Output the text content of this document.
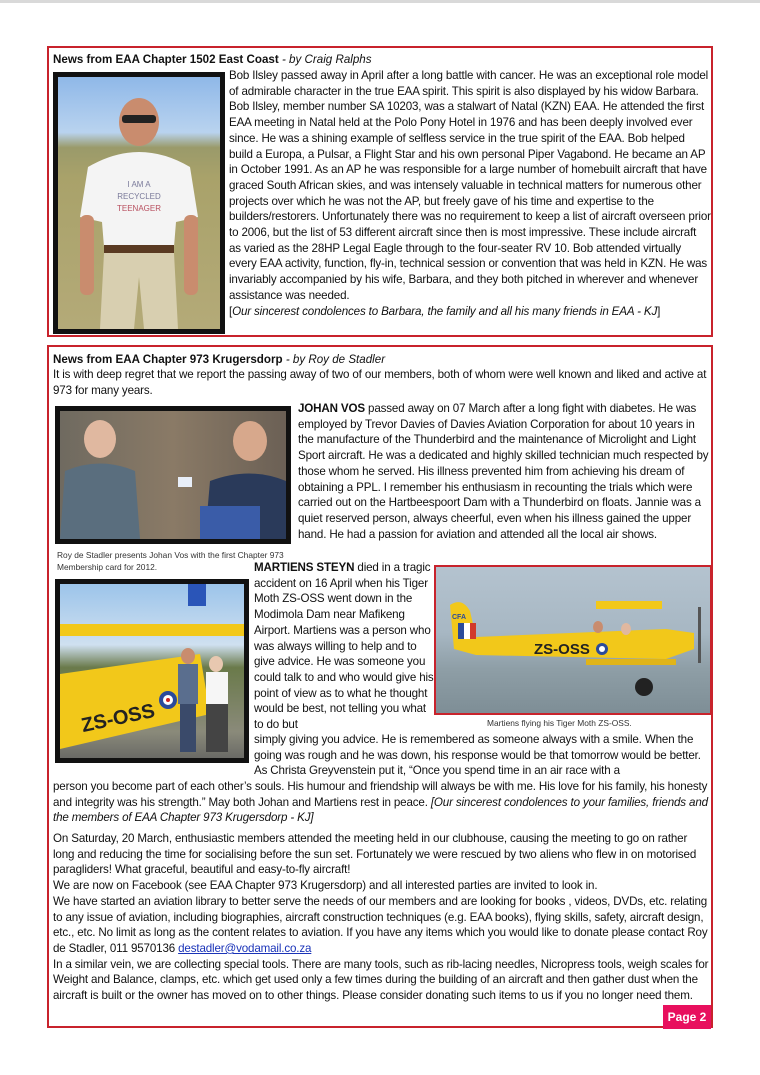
News from EAA Chapter 1502 East Coast - by Craig Ralphs
I AM A
RECYCLED
TEENAGER
Bob Ilsley passed away in April after a long battle with cancer. He was an exceptional role model of admirable character in the true EAA spirit. This spirit is also displayed by his widow Barbara. Bob Ilsley, member number SA 10203, was a stalwart of Natal (KZN) EAA. He attended the first EAA meeting in Natal held at the Polo Pony Hotel in 1976 and has been deeply involved ever since. He was a shining example of selfless service in the true spirit of the EAA. Bob helped build a Europa, a Pulsar, a Flight Star and his own personal Piper Vagabond. He became an AP in October 1991. As an AP he was responsible for a large number of homebuilt aircraft that have graced South African skies, and was intensely valuable in technical matters for numerous other projects over which he was not the AP, but freely gave of his time and expertise to the builders/restorers. Unfortunately there was no requirement to keep a list of aircraft overseen prior to 2006, but the list of 53 different aircraft since then is most impressive. These include aircraft as varied as the 28HP Legal Eagle through to the four-seater RV 10. Bob attended virtually every EAA activity, function, fly-in, technical session or convention that was held in KZN. He was invariably accompanied by his wife, Barbara, and they both pitched in wherever and whenever assistance was needed.
[Our sincerest condolences to Barbara, the family and all his many friends in EAA - KJ]
News from EAA Chapter 973 Krugersdorp - by Roy de Stadler
It is with deep regret that we report the passing away of two of our members, both of whom were well known and liked and active at 973 for many years.
Roy de Stadler presents Johan Vos with the first Chapter 973 Membership card for 2012.
JOHAN VOS passed away on 07 March after a long fight with diabetes. He was employed by Trevor Davies of Davies Aviation Corporation for about 10 years in the manufacture of the Thunderbird and the maintenance of Microlight and Light Sport aircraft. He was a dedicated and highly skilled technician much respected by those whom he served. His illness prevented him from achieving his dream of obtaining a PPL. I remember his enthusiasm in recounting the trials which were carried out on the Hartbeespoort Dam with a Thunderbird on floats. Jannie was a quiet reserved person, always cheerful, even when his illness gained the upper hand. He had a passion for aviation and attended all the local air shows.
ZS-OSS
MARTIENS STEYN died in a tragic accident on 16 April when his Tiger Moth ZS-OSS went down in the Modimola Dam near Mafikeng Airport. Martiens was a person who was always willing to help and to give advice. He was someone you could talk to and who would give his point of view as to what he thought would be best, not telling you what to do but
CFA
ZS-OSS
Martiens flying his Tiger Moth ZS-OSS.
simply giving you advice. He is remembered as someone always with a smile. When the going was rough and he was down, his response would be that tomorrow would be better. As Christa Greyvenstein put it, “Once you spend time in an air race with a
person you become part of each other’s souls. His humour and friendship will always be with me. His love for his family, his honesty and integrity was his strength.” May both Johan and Martiens rest in peace. [Our sincerest condolences to your families, friends and the members of EAA Chapter 973 Krugersdorp - KJ]
On Saturday, 20 March, enthusiastic members attended the meeting held in our clubhouse, causing the meeting to go on rather long and reducing the time for socialising before the sun set. Fortunately we were rescued by two aliens who flew in on motorised paragliders! What graceful, beautiful and easy-to-fly aircraft!
We are now on Facebook (see EAA Chapter 973 Krugersdorp) and all interested parties are invited to look in.
We have started an aviation library to better serve the needs of our members and are looking for books , videos, DVDs, etc. relating to any issue of aviation, including biographies, aircraft construction techniques (e.g. EAA books), flying skills, safety, aircraft design, etc., etc. No limit as long as the content relates to aviation. If you have any items which you would like to donate please contact Roy de Stadler, 011 9570136 destadler@vodamail.co.za
In a similar vein, we are collecting special tools. There are many tools, such as rib-lacing needles, Nicropress tools, weigh scales for Weight and Balance, clamps, etc. which get used only a few times during the building of an aircraft and then gather dust when the aircraft is built or the owner has moved on to other things. Please consider donating such items to us if you no longer need them.
Page 2
